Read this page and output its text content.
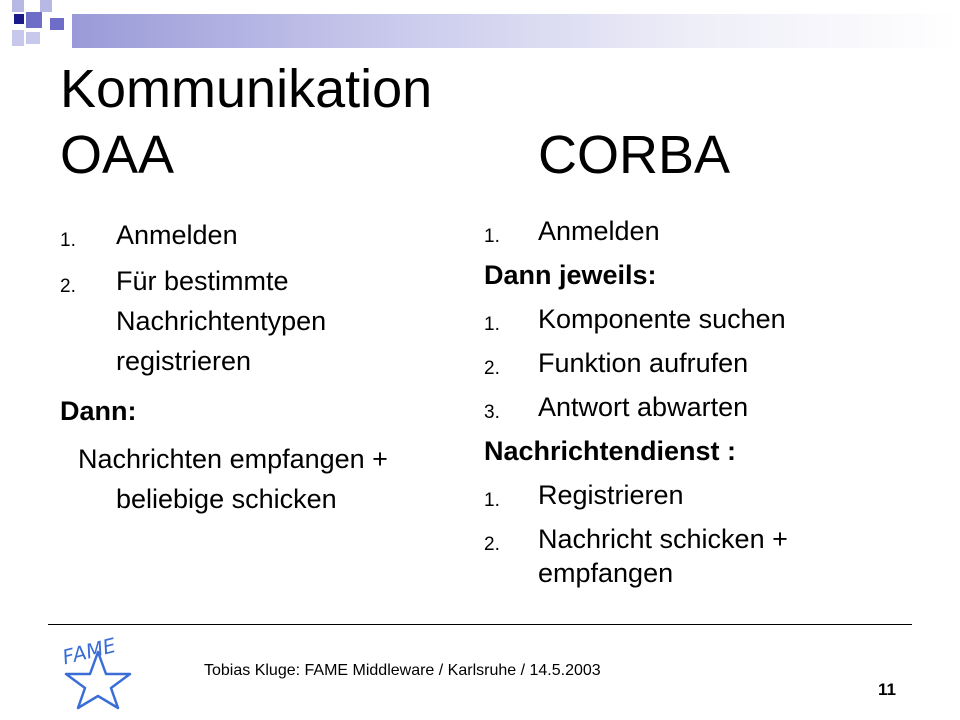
Kommunikation
OAA	CORBA
1. Anmelden
2. Für bestimmte
Nachrichtentypen
registrieren
Dann:
Nachrichten empfangen +
beliebige schicken
1. Anmelden
Dann jeweils:
1. Komponente suchen
2. Funktion aufrufen
3. Antwort abwarten
Nachrichtendienst :
1. Registrieren
2. Nachricht schicken +
empfangen
FAME
Tobias Kluge: FAME Middleware / Karlsruhe / 14.5.2003
11
